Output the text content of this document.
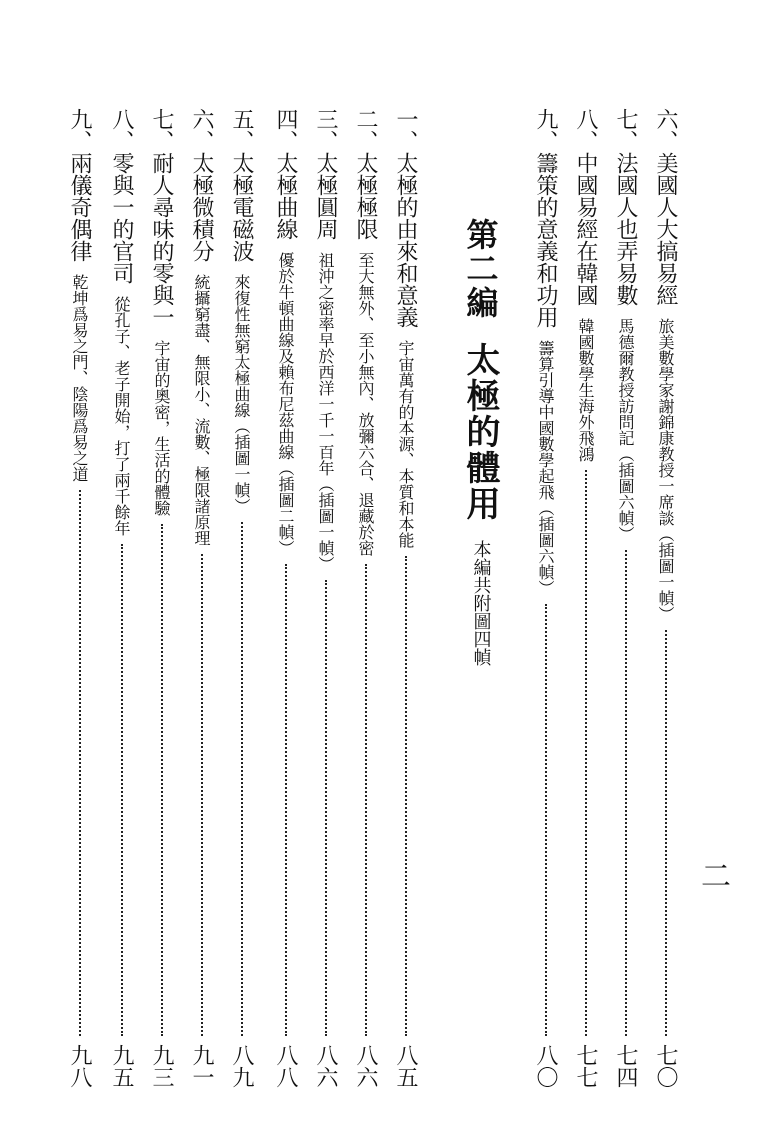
六、
美國人大搞易經
旅美數學家謝錦康教授一席談（插圖一幀）
七〇
七、
法國人也弄易數
馬德爾教授訪問記（插圖六幀）
七四
八、
中國易經在韓國
韓國數學生海外飛鴻
七七
九、
籌策的意義和功用
籌算引導中國數學起飛（插圖六幀）
八〇
第二編
太極的體用
本編共附圖四幀
一、
太極的由來和意義
宇宙萬有的本源、本質和本能
八五
二、
太極極限
至大無外、至小無內、放彌六合、退藏於密
八六
三、
太極圓周
祖沖之密率早於西洋一千一百年（插圖一幀）
八六
四、
太極曲線
優於牛頓曲線及賴布尼茲曲線（插圖二幀）
八八
五、
太極電磁波
來復性無窮太極曲線（插圖一幀）
八九
六、
太極微積分
統攝窮盡、無限小、流數、極限諸原理
九一
七、
耐人尋味的零與一
宇宙的奧密，生活的體驗
九三
八、
零與一的官司
從孔子、老子開始，打了兩千餘年
九五
九、
兩儀奇偶律
乾坤爲易之門、陰陽爲易之道
九八
二
